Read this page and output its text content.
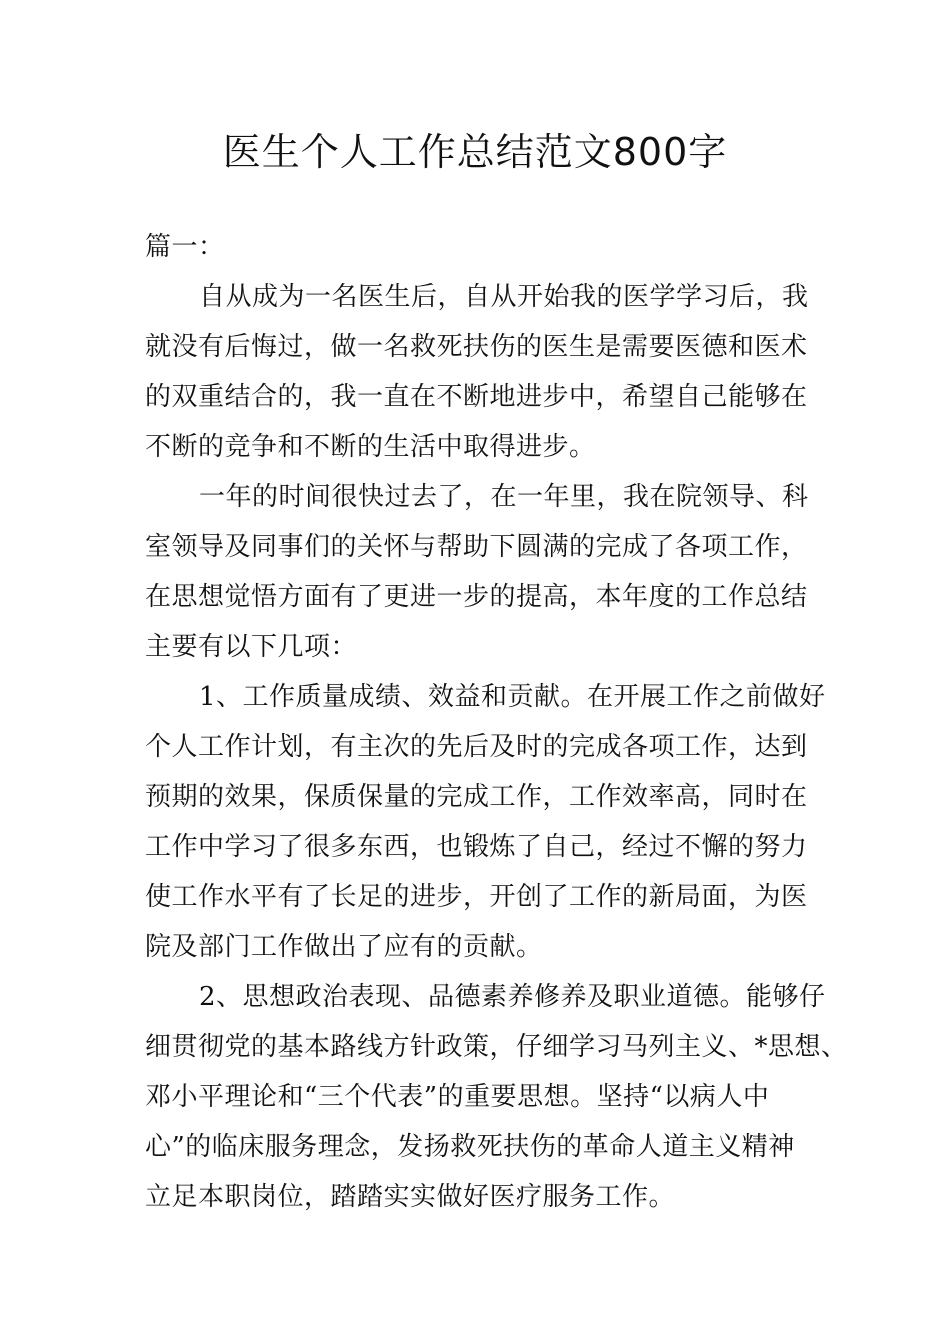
医生个人工作总结范文800字

篇一：

自从成为一名医生后，自从开始我的医学学习后，我

就没有后悔过，做一名救死扶伤的医生是需要医德和医术

的双重结合的，我一直在不断地进步中，希望自己能够在

不断的竞争和不断的生活中取得进步。

一年的时间很快过去了，在一年里，我在院领导、科

室领导及同事们的关怀与帮助下圆满的完成了各项工作，

在思想觉悟方面有了更进一步的提高，本年度的工作总结

主要有以下几项：

1、工作质量成绩、效益和贡献。在开展工作之前做好

个人工作计划，有主次的先后及时的完成各项工作，达到

预期的效果，保质保量的完成工作，工作效率高，同时在

工作中学习了很多东西，也锻炼了自己，经过不懈的努力

使工作水平有了长足的进步，开创了工作的新局面，为医

院及部门工作做出了应有的贡献。

2、思想政治表现、品德素养修养及职业道德。能够仔

细贯彻党的基本路线方针政策，仔细学习马列主义、*思想、

邓小平理论和“三个代表”的重要思想。坚持“以病人中

心”的临床服务理念，发扬救死扶伤的革命人道主义精神

立足本职岗位，踏踏实实做好医疗服务工作。
